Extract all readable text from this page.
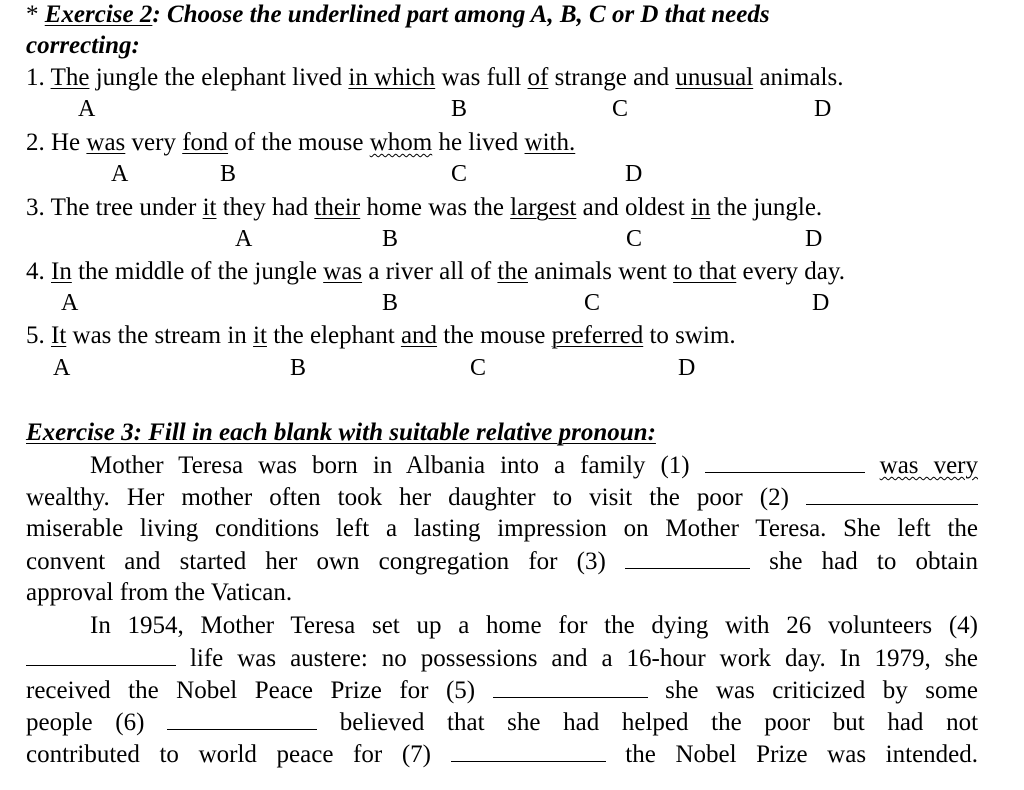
* Exercise 2: Choose the underlined part among A, B, C or D that needs
correcting:
1. The jungle the elephant lived in which was full of strange and unusual animals.
A	B	C	D
2. He was very fond of the mouse whom he lived with.
A	B	C	D
3. The tree under it they had their home was the largest and oldest in the jungle.
A	B	C	D
4. In the middle of the jungle was a river all of the animals went to that every day.
A	B	C	D
5. It was the stream in it the elephant and the mouse preferred to swim.
A	B	C	D
Exercise 3: Fill in each blank with suitable relative pronoun:
Mother Teresa was born in Albania into a family (1)	was very
wealthy. Her mother often took her daughter to visit the poor (2)
miserable living conditions left a lasting impression on Mother Teresa. She left the
convent and started her own congregation for (3)	she had to obtain
approval from the Vatican.
In 1954, Mother Teresa set up a home for the dying with 26 volunteers (4)
life was austere: no possessions and a 16-hour work day. In 1979, she
received the Nobel Peace Prize for (5)	she was criticized by some
people (6)	believed that she had helped the poor but had not
contributed to world peace for (7)	the Nobel Prize was intended.
